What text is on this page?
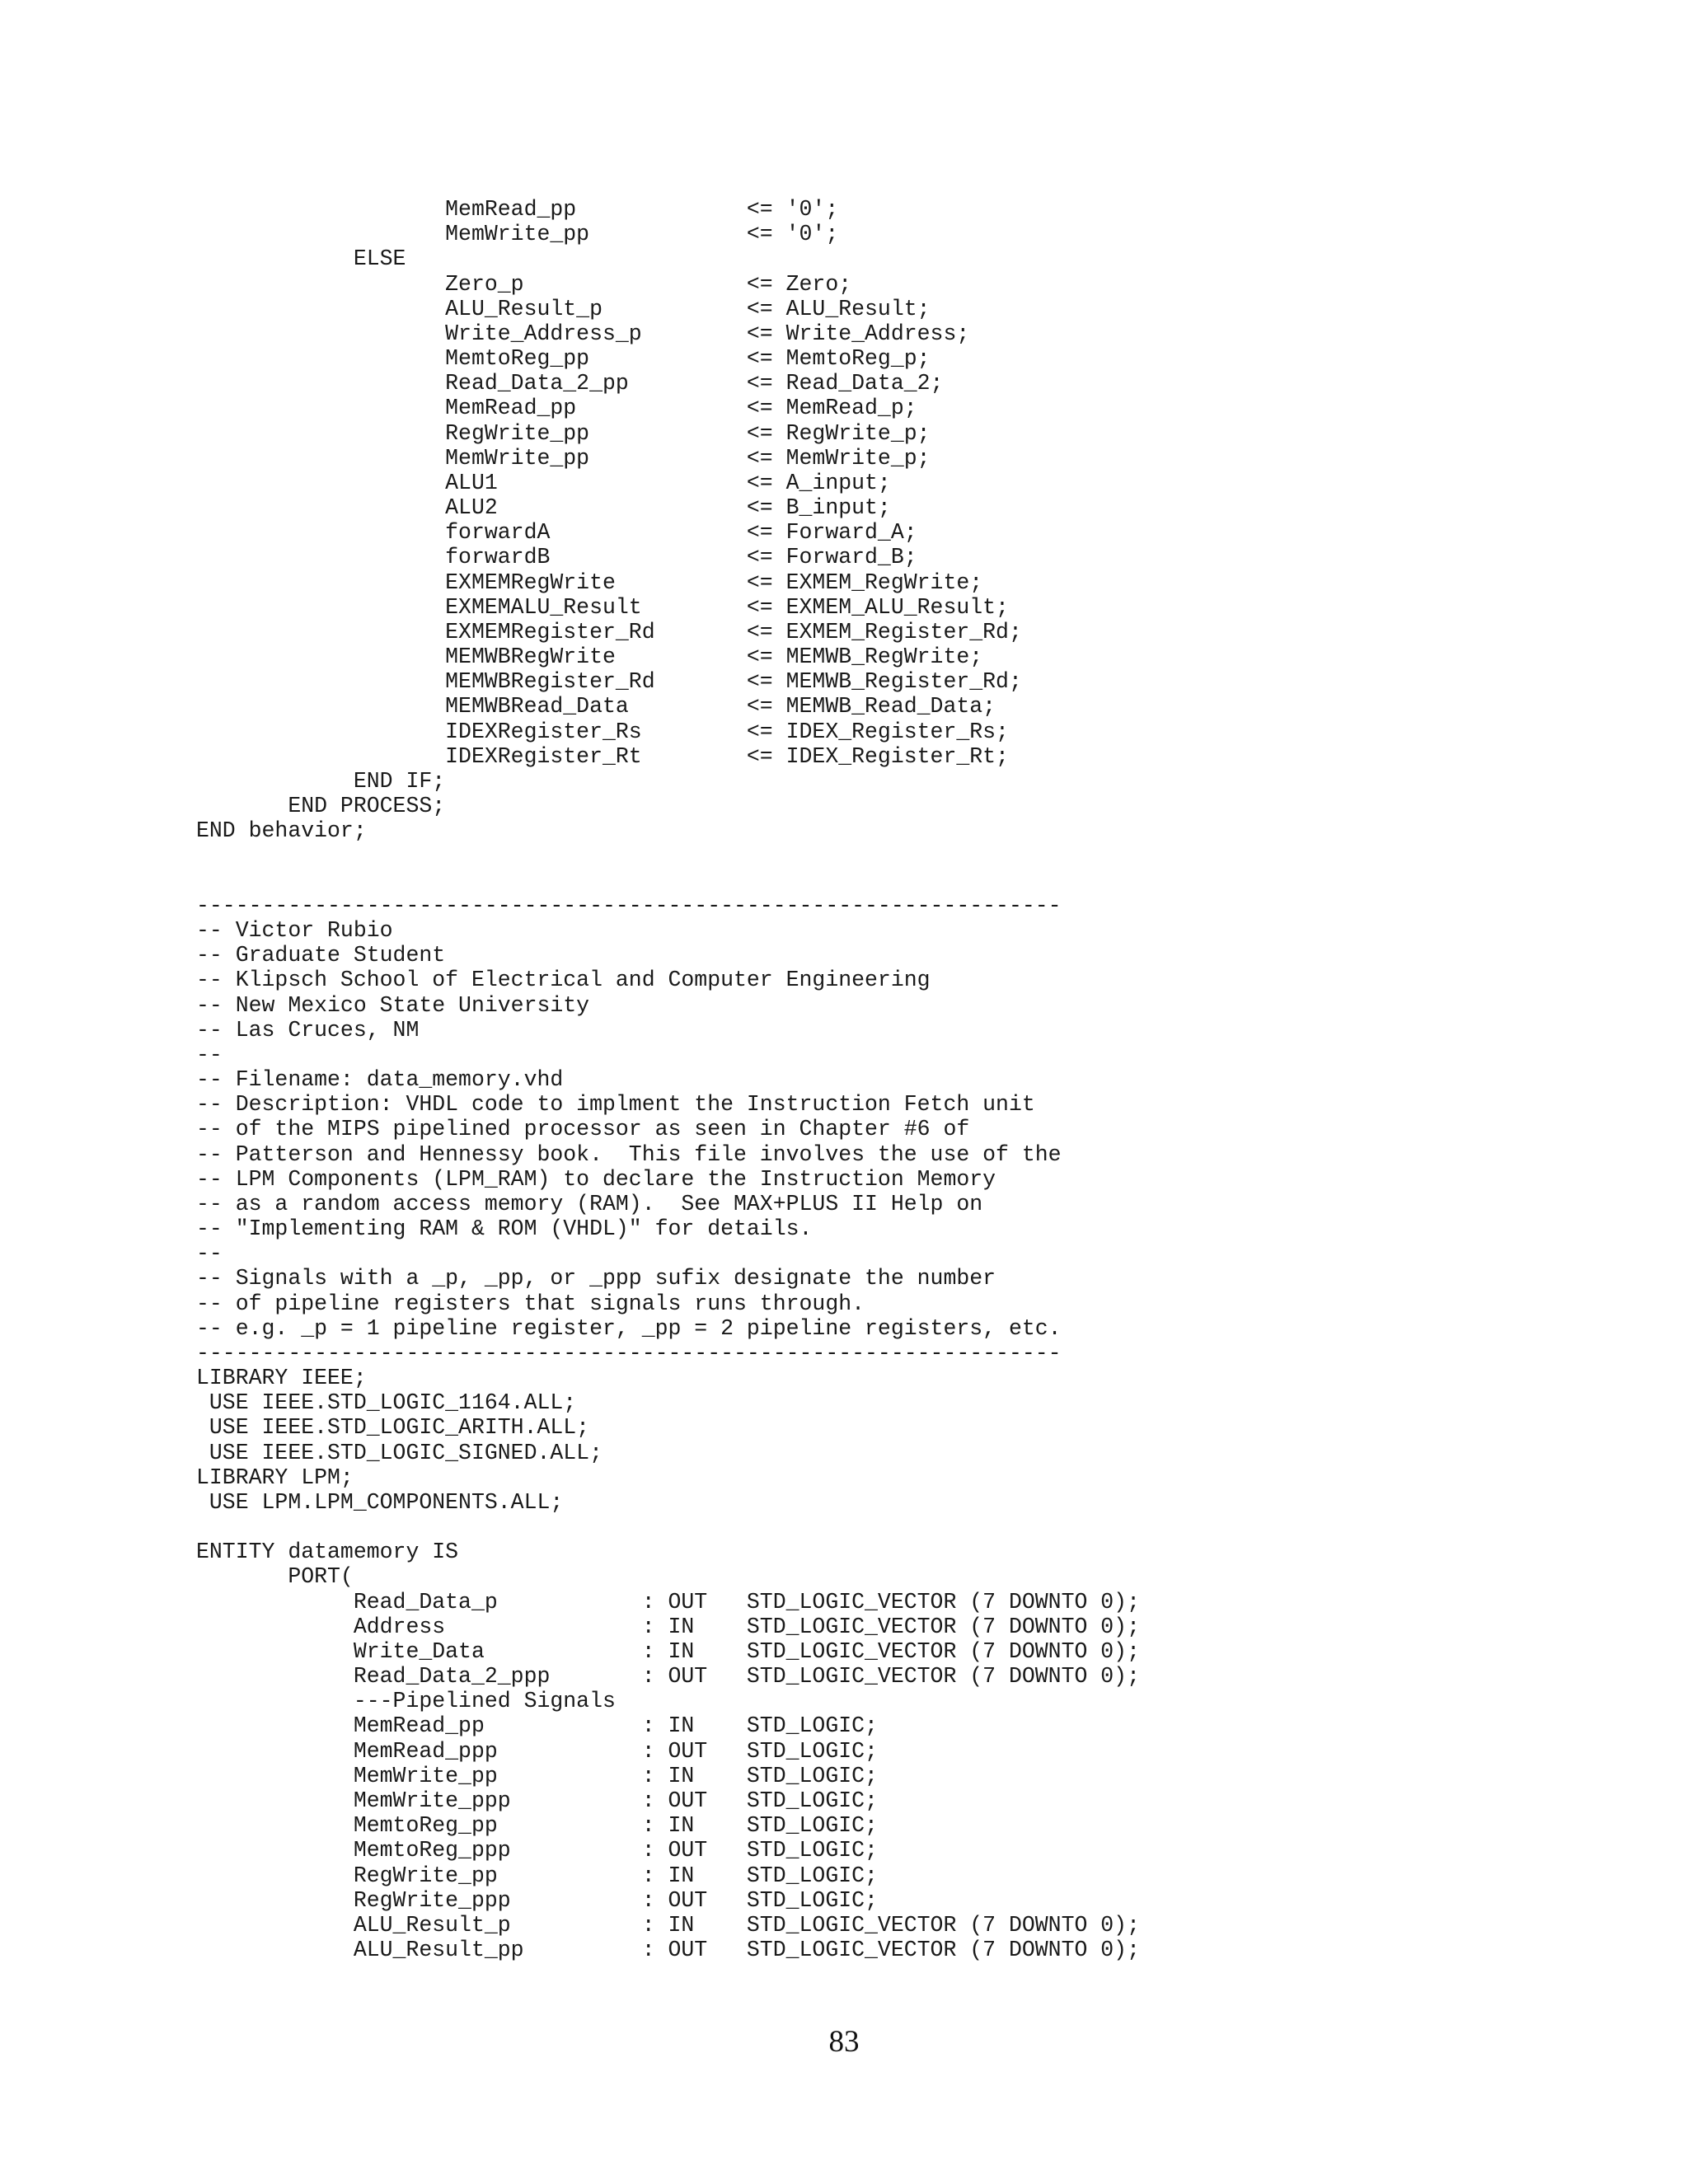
MemRead_pp             <= '0';
MemWrite_pp            <= '0';
ELSE
Zero_p                 <= Zero;
ALU_Result_p           <= ALU_Result;
Write_Address_p        <= Write_Address;
MemtoReg_pp            <= MemtoReg_p;
Read_Data_2_pp         <= Read_Data_2;
MemRead_pp             <= MemRead_p;
RegWrite_pp            <= RegWrite_p;
MemWrite_pp            <= MemWrite_p;
ALU1                   <= A_input;
ALU2                   <= B_input;
forwardA               <= Forward_A;
forwardB               <= Forward_B;
EXMEMRegWrite          <= EXMEM_RegWrite;
EXMEMALU_Result        <= EXMEM_ALU_Result;
EXMEMRegister_Rd       <= EXMEM_Register_Rd;
MEMWBRegWrite          <= MEMWB_RegWrite;
MEMWBRegister_Rd       <= MEMWB_Register_Rd;
MEMWBRead_Data         <= MEMWB_Read_Data;
IDEXRegister_Rs        <= IDEX_Register_Rs;
IDEXRegister_Rt        <= IDEX_Register_Rt;
END IF;
END PROCESS;
END behavior;
------------------------------------------------------------------
-- Victor Rubio
-- Graduate Student
-- Klipsch School of Electrical and Computer Engineering
-- New Mexico State University
-- Las Cruces, NM
--
-- Filename: data_memory.vhd
-- Description: VHDL code to implment the Instruction Fetch unit
-- of the MIPS pipelined processor as seen in Chapter #6 of
-- Patterson and Hennessy book.  This file involves the use of the
-- LPM Components (LPM_RAM) to declare the Instruction Memory
-- as a random access memory (RAM).  See MAX+PLUS II Help on
-- "Implementing RAM & ROM (VHDL)" for details.
--
-- Signals with a _p, _pp, or _ppp sufix designate the number
-- of pipeline registers that signals runs through.
-- e.g. _p = 1 pipeline register, _pp = 2 pipeline registers, etc.
------------------------------------------------------------------
LIBRARY IEEE;
USE IEEE.STD_LOGIC_1164.ALL;
USE IEEE.STD_LOGIC_ARITH.ALL;
USE IEEE.STD_LOGIC_SIGNED.ALL;
LIBRARY LPM;
USE LPM.LPM_COMPONENTS.ALL;
ENTITY datamemory IS
PORT(
Read_Data_p           : OUT   STD_LOGIC_VECTOR (7 DOWNTO 0);
Address               : IN    STD_LOGIC_VECTOR (7 DOWNTO 0);
Write_Data            : IN    STD_LOGIC_VECTOR (7 DOWNTO 0);
Read_Data_2_ppp       : OUT   STD_LOGIC_VECTOR (7 DOWNTO 0);
---Pipelined Signals
MemRead_pp            : IN    STD_LOGIC;
MemRead_ppp           : OUT   STD_LOGIC;
MemWrite_pp           : IN    STD_LOGIC;
MemWrite_ppp          : OUT   STD_LOGIC;
MemtoReg_pp           : IN    STD_LOGIC;
MemtoReg_ppp          : OUT   STD_LOGIC;
RegWrite_pp           : IN    STD_LOGIC;
RegWrite_ppp          : OUT   STD_LOGIC;
ALU_Result_p          : IN    STD_LOGIC_VECTOR (7 DOWNTO 0);
ALU_Result_pp         : OUT   STD_LOGIC_VECTOR (7 DOWNTO 0);
83
